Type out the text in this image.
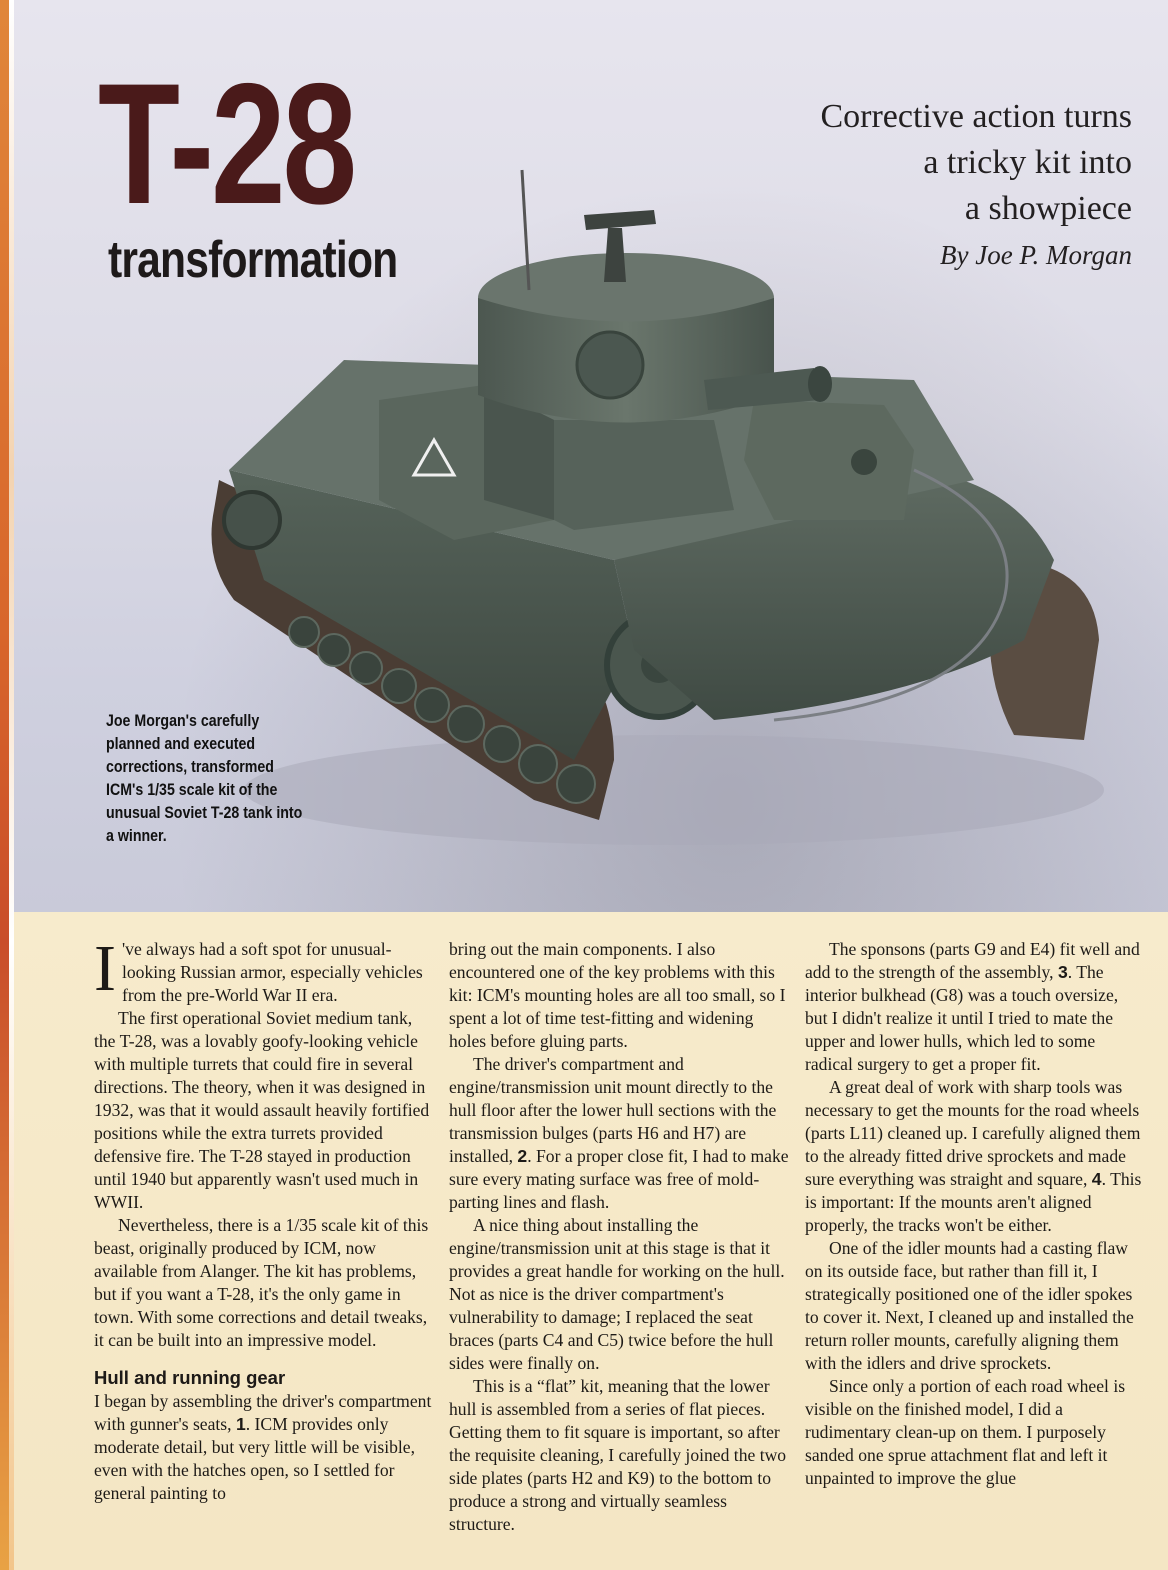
T-28
transformation
Corrective action turns
a tricky kit into
a showpiece

By Joe P. Morgan

Joe Morgan's carefully planned and executed corrections, transformed ICM's 1/35 scale kit of the unusual Soviet T-28 tank into a winner.

I 've always had a soft spot for unusual-looking Russian armor, especially vehicles from the pre-World War II era.

The first operational Soviet medium tank, the T-28, was a lovably goofy-looking vehicle with multiple turrets that could fire in several directions. The theory, when it was designed in 1932, was that it would assault heavily fortified positions while the extra turrets provided defensive fire. The T-28 stayed in production until 1940 but apparently wasn't used much in WWII.

Nevertheless, there is a 1/35 scale kit of this beast, originally produced by ICM, now available from Alanger. The kit has problems, but if you want a T-28, it's the only game in town. With some corrections and detail tweaks, it can be built into an impressive model.

Hull and running gear

I began by assembling the driver's compartment with gunner's seats, 1. ICM provides only moderate detail, but very little will be visible, even with the hatches open, so I settled for general painting to

bring out the main components. I also encountered one of the key problems with this kit: ICM's mounting holes are all too small, so I spent a lot of time test-fitting and widening holes before gluing parts.

The driver's compartment and engine/transmission unit mount directly to the hull floor after the lower hull sections with the transmission bulges (parts H6 and H7) are installed, 2. For a proper close fit, I had to make sure every mating surface was free of mold-parting lines and flash.

A nice thing about installing the engine/transmission unit at this stage is that it provides a great handle for working on the hull. Not as nice is the driver compartment's vulnerability to damage; I replaced the seat braces (parts C4 and C5) twice before the hull sides were finally on.

This is a “flat” kit, meaning that the lower hull is assembled from a series of flat pieces. Getting them to fit square is important, so after the requisite cleaning, I carefully joined the two side plates (parts H2 and K9) to the bottom to produce a strong and virtually seamless structure.

The sponsons (parts G9 and E4) fit well and add to the strength of the assembly, 3. The interior bulkhead (G8) was a touch oversize, but I didn't realize it until I tried to mate the upper and lower hulls, which led to some radical surgery to get a proper fit.

A great deal of work with sharp tools was necessary to get the mounts for the road wheels (parts L11) cleaned up. I carefully aligned them to the already fitted drive sprockets and made sure everything was straight and square, 4. This is important: If the mounts aren't aligned properly, the tracks won't be either.

One of the idler mounts had a casting flaw on its outside face, but rather than fill it, I strategically positioned one of the idler spokes to cover it. Next, I cleaned up and installed the return roller mounts, carefully aligning them with the idlers and drive sprockets.

Since only a portion of each road wheel is visible on the finished model, I did a rudimentary clean-up on them. I purposely sanded one sprue attachment flat and left it unpainted to improve the glue
